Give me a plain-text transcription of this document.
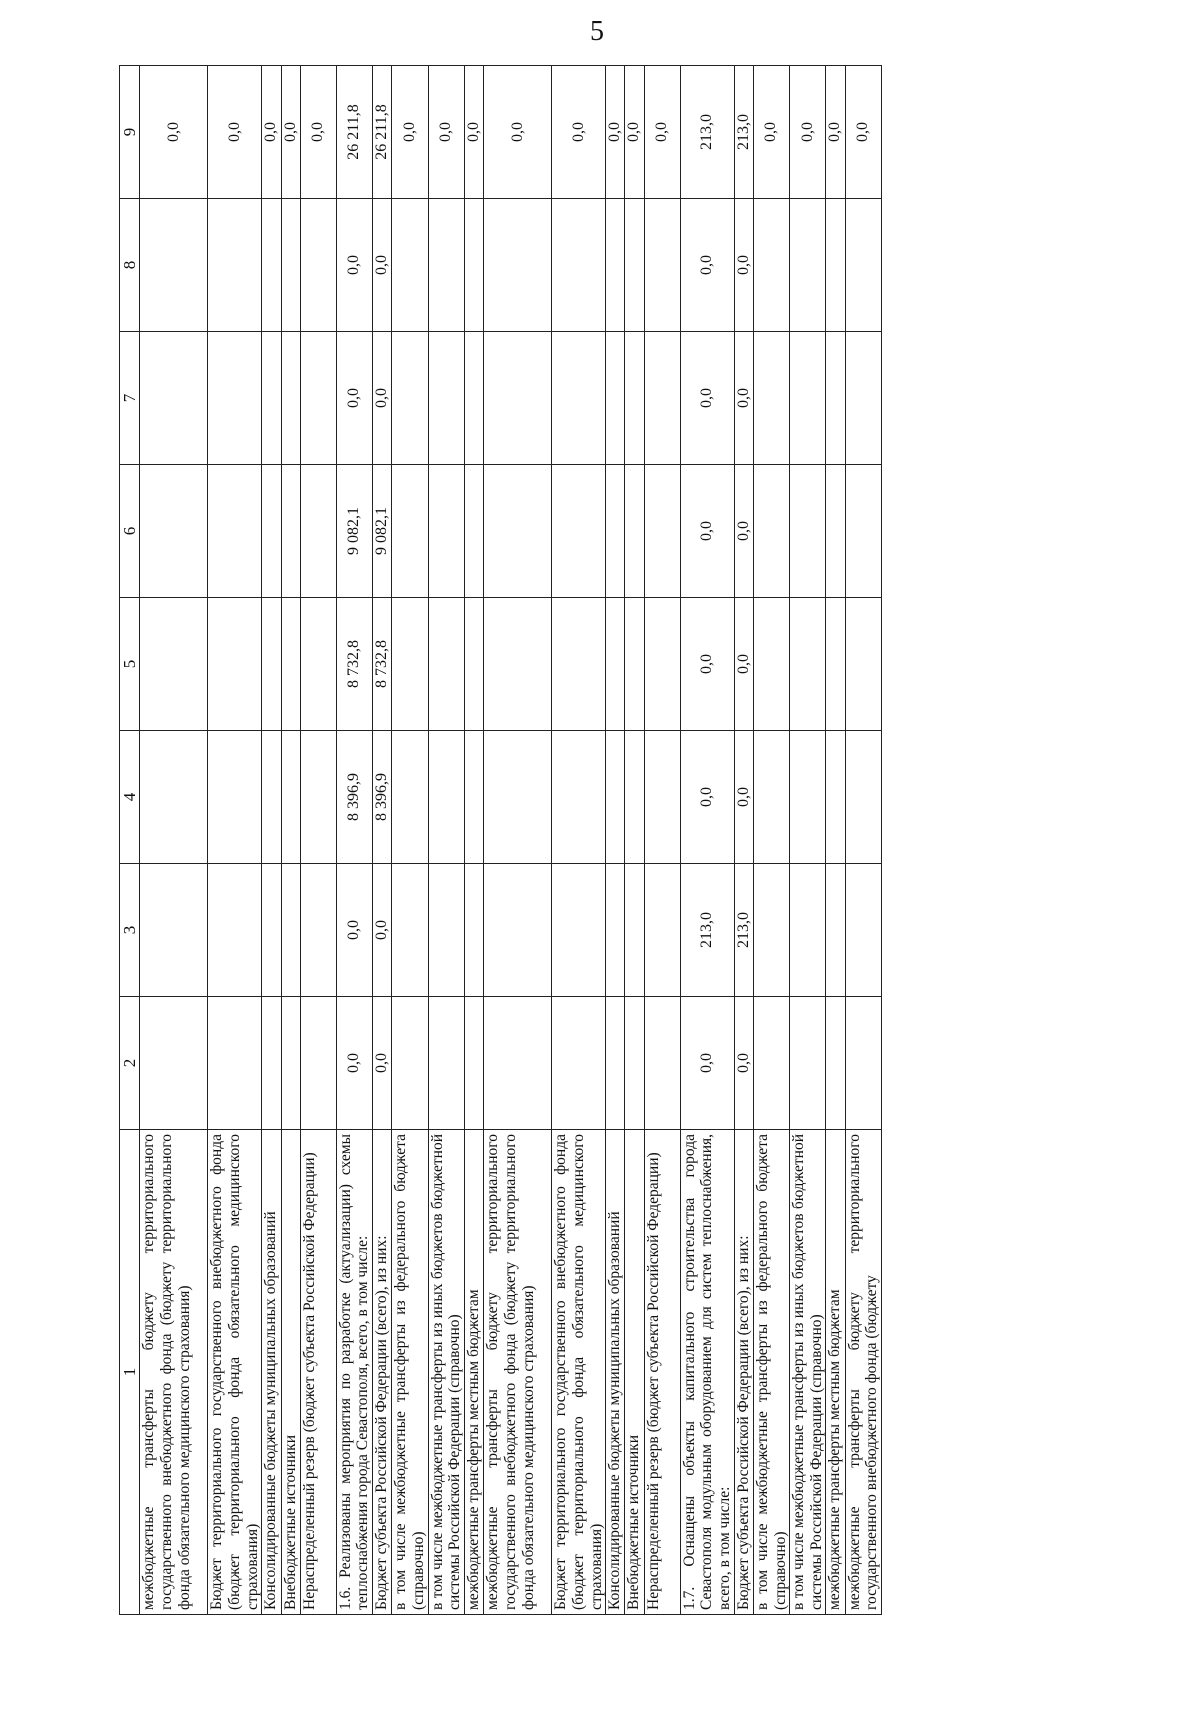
5
1	2	3	4	5	6	7	8	9
межбюджетные трансферты бюджету территориального государственного внебюджетного фонда (бюджету территориального фонда обязательного медицинского страхования)								0,0
Бюджет территориального государственного внебюджетного фонда (бюджет территориального фонда обязательного медицинского страхования)								0,0
Консолидированные бюджеты муниципальных образований								0,0
Внебюджетные источники								0,0
Нераспределенный резерв (бюджет субъекта Российской Федерации)								0,0
1.6. Реализованы мероприятия по разработке (актуализации) схемы теплоснабжения города Севастополя, всего, в том числе:	0,0	0,0	8 396,9	8 732,8	9 082,1	0,0	0,0	26 211,8
Бюджет субъекта Российской Федерации (всего), из них:	0,0	0,0	8 396,9	8 732,8	9 082,1	0,0	0,0	26 211,8
в том числе межбюджетные трансферты из федерального бюджета (справочно)								0,0
в том числе межбюджетные трансферты из иных бюджетов бюджетной системы Российской Федерации (справочно)								0,0
межбюджетные трансферты местным бюджетам								0,0
межбюджетные трансферты бюджету территориального государственного внебюджетного фонда (бюджету территориального фонда обязательного медицинского страхования)								0,0
Бюджет территориального государственного внебюджетного фонда (бюджет территориального фонда обязательного медицинского страхования)								0,0
Консолидированные бюджеты муниципальных образований								0,0
Внебюджетные источники								0,0
Нераспределенный резерв (бюджет субъекта Российской Федерации)								0,0
1.7. Оснащены объекты капитального строительства города Севастополя модульным оборудованием для систем теплоснабжения, всего, в том числе:	0,0	213,0	0,0	0,0	0,0	0,0	0,0	213,0
Бюджет субъекта Российской Федерации (всего), из них:	0,0	213,0	0,0	0,0	0,0	0,0	0,0	213,0
в том числе межбюджетные трансферты из федерального бюджета (справочно)								0,0
в том числе межбюджетные трансферты из иных бюджетов бюджетной системы Российской Федерации (справочно)								0,0
межбюджетные трансферты местным бюджетам								0,0
межбюджетные трансферты бюджету территориального государственного внебюджетного фонда (бюджету								0,0
